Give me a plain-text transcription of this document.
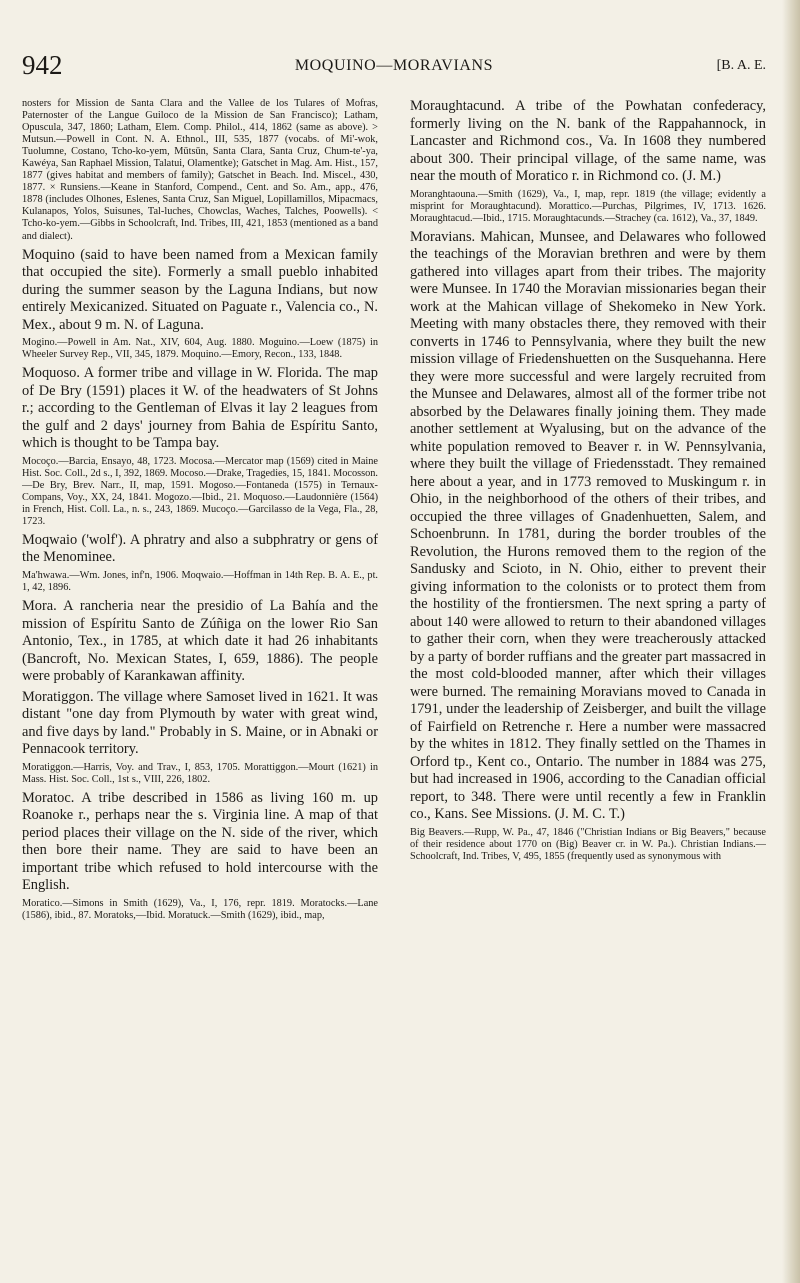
942	MOQUINO—MORAVIANS	[B. A. E.

nosters for Mission de Santa Clara and the Vallee de los Tulares of Mofras, Paternoster of the Langue Guiloco de la Mission de San Francisco); Latham, Opuscula, 347, 1860; Latham, Elem. Comp. Philol., 414, 1862 (same as above). > Mutsun.—Powell in Cont. N. A. Ethnol., III, 535, 1877 (vocabs. of Mi'-wok, Tuolumne, Costano, Tcho-ko-yem, Mūtsūn, Santa Clara, Santa Cruz, Chum-te'-ya, Kawéya, San Raphael Mission, Talatui, Olamentke); Gatschet in Mag. Am. Hist., 157, 1877 (gives habitat and members of family); Gatschet in Beach. Ind. Miscel., 430, 1877. × Runsiens.—Keane in Stanford, Compend., Cent. and So. Am., app., 476, 1878 (includes Olhones, Eslenes, Santa Cruz, San Miguel, Lopillamillos, Mipacmacs, Kulanapos, Yolos, Suisunes, Tal-luches, Chowclas, Waches, Talches, Poowells). < Tcho-ko-yem.—Gibbs in Schoolcraft, Ind. Tribes, III, 421, 1853 (mentioned as a band and dialect).

Moquino (said to have been named from a Mexican family that occupied the site). Formerly a small pueblo inhabited during the summer season by the Laguna Indians, but now entirely Mexicanized. Situated on Paguate r., Valencia co., N. Mex., about 9 m. N. of Laguna.

Mogino.—Powell in Am. Nat., XIV, 604, Aug. 1880. Moguino.—Loew (1875) in Wheeler Survey Rep., VII, 345, 1879. Moquino.—Emory, Recon., 133, 1848.

Moquoso. A former tribe and village in W. Florida. The map of De Bry (1591) places it W. of the headwaters of St Johns r.; according to the Gentleman of Elvas it lay 2 leagues from the gulf and 2 days' journey from Bahia de Espíritu Santo, which is thought to be Tampa bay.

Mocoço.—Barcia, Ensayo, 48, 1723. Mocosa.—Mercator map (1569) cited in Maine Hist. Soc. Coll., 2d s., I, 392, 1869. Mocoso.—Drake, Tragedies, 15, 1841. Mocosson.—De Bry, Brev. Narr., II, map, 1591. Mogoso.—Fontaneda (1575) in Ternaux-Compans, Voy., XX, 24, 1841. Mogozo.—Ibid., 21. Moquoso.—Laudonnière (1564) in French, Hist. Coll. La., n. s., 243, 1869. Mucoço.—Garcilasso de la Vega, Fla., 28, 1723.

Moqwaio ('wolf'). A phratry and also a subphratry or gens of the Menominee.

Ma'hwawa.—Wm. Jones, inf'n, 1906. Moqwaio.—Hoffman in 14th Rep. B. A. E., pt. 1, 42, 1896.

Mora. A rancheria near the presidio of La Bahía and the mission of Espíritu Santo de Zúñiga on the lower Rio San Antonio, Tex., in 1785, at which date it had 26 inhabitants (Bancroft, No. Mexican States, I, 659, 1886). The people were probably of Karankawan affinity.

Moratiggon. The village where Samoset lived in 1621. It was distant "one day from Plymouth by water with great wind, and five days by land." Probably in S. Maine, or in Abnaki or Pennacook territory.

Moratiggon.—Harris, Voy. and Trav., I, 853, 1705. Morattiggon.—Mourt (1621) in Mass. Hist. Soc. Coll., 1st s., VIII, 226, 1802.

Moratoc. A tribe described in 1586 as living 160 m. up Roanoke r., perhaps near the s. Virginia line. A map of that period places their village on the N. side of the river, which then bore their name. They are said to have been an important tribe which refused to hold intercourse with the English.

Moratico.—Simons in Smith (1629), Va., I, 176, repr. 1819. Moratocks.—Lane (1586), ibid., 87. Moratoks,—Ibid. Moratuck.—Smith (1629), ibid., map,

Moraughtacund. A tribe of the Powhatan confederacy, formerly living on the N. bank of the Rappahannock, in Lancaster and Richmond cos., Va. In 1608 they numbered about 300. Their principal village, of the same name, was near the mouth of Moratico r. in Richmond co. (J. M.)

Moranghtaouna.—Smith (1629), Va., I, map, repr. 1819 (the village; evidently a misprint for Moraughtacund). Morattico.—Purchas, Pilgrimes, IV, 1713. 1626. Moraughtacud.—Ibid., 1715. Moraughtacunds.—Strachey (ca. 1612), Va., 37, 1849.

Moravians. Mahican, Munsee, and Delawares who followed the teachings of the Moravian brethren and were by them gathered into villages apart from their tribes. The majority were Munsee. In 1740 the Moravian missionaries began their work at the Mahican village of Shekomeko in New York. Meeting with many obstacles there, they removed with their converts in 1746 to Pennsylvania, where they built the new mission village of Friedenshuetten on the Susquehanna. Here they were more successful and were largely recruited from the Munsee and Delawares, almost all of the former tribe not absorbed by the Delawares finally joining them. They made another settlement at Wyalusing, but on the advance of the white population removed to Beaver r. in W. Pennsylvania, where they built the village of Friedensstadt. They remained here about a year, and in 1773 removed to Muskingum r. in Ohio, in the neighborhood of the others of their tribes, and occupied the three villages of Gnadenhuetten, Salem, and Schoenbrunn. In 1781, during the border troubles of the Revolution, the Hurons removed them to the region of the Sandusky and Scioto, in N. Ohio, either to prevent their giving information to the colonists or to protect them from the hostility of the frontiersmen. The next spring a party of about 140 were allowed to return to their abandoned villages to gather their corn, when they were treacherously attacked by a party of border ruffians and the greater part massacred in the most cold-blooded manner, after which their villages were burned. The remaining Moravians moved to Canada in 1791, under the leadership of Zeisberger, and built the village of Fairfield on Retrenche r. Here a number were massacred by the whites in 1812. They finally settled on the Thames in Orford tp., Kent co., Ontario. The number in 1884 was 275, but had increased in 1906, according to the Canadian official report, to 348. There were until recently a few in Franklin co., Kans. See Missions. (J. M. C. T.)

Big Beavers.—Rupp, W. Pa., 47, 1846 ("Christian Indians or Big Beavers," because of their residence about 1770 on (Big) Beaver cr. in W. Pa.). Christian Indians.—Schoolcraft, Ind. Tribes, V, 495, 1855 (frequently used as synonymous with
